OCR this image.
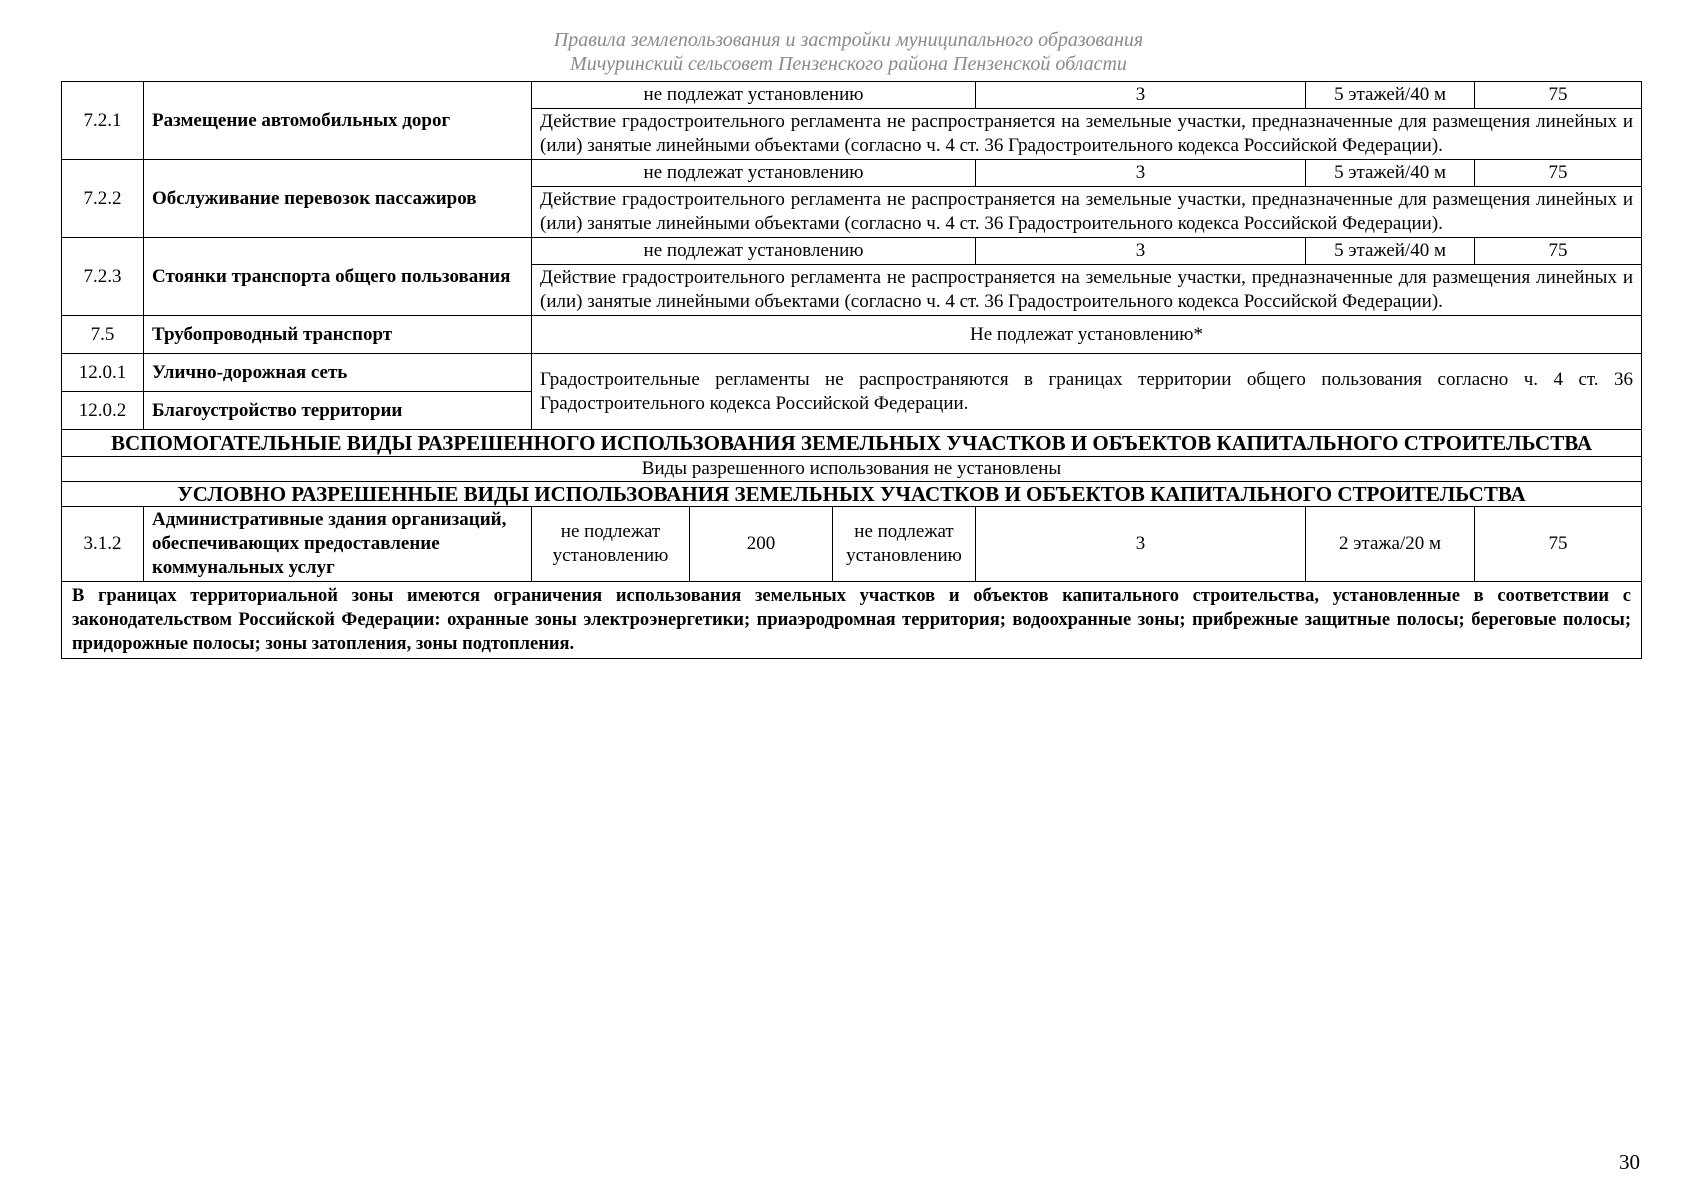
Правила землепользования и застройки муниципального образования
Мичуринский сельсовет Пензенского района Пензенской области
7.2.1	Размещение автомобильных дорог	не подлежат установлению			3	5 этажей/40 м	75
		Действие градостроительного регламента не распространяется на земельные участки, предназначенные для размещения линейных и (или) занятые линейными объектами (согласно ч. 4 ст. 36 Градостроительного кодекса Российской Федерации).					
7.2.2	Обслуживание перевозок пассажиров	не подлежат установлению			3	5 этажей/40 м	75
		Действие градостроительного регламента не распространяется на земельные участки, предназначенные для размещения линейных и (или) занятые линейными объектами (согласно ч. 4 ст. 36 Градостроительного кодекса Российской Федерации).					
7.2.3	Стоянки транспорта общего пользования	не подлежат установлению			3	5 этажей/40 м	75
		Действие градостроительного регламента не распространяется на земельные участки, предназначенные для размещения линейных и (или) занятые линейными объектами (согласно ч. 4 ст. 36 Градостроительного кодекса Российской Федерации).					
7.5	Трубопроводный транспорт	Не подлежат установлению*					
12.0.1	Улично-дорожная сеть	Градостроительные регламенты не распространяются в границах территории общего пользования согласно ч. 4 ст. 36 Градостроительного кодекса Российской Федерации.					
12.0.2	Благоустройство территории						
ВСПОМОГАТЕЛЬНЫЕ ВИДЫ РАЗРЕШЕННОГО ИСПОЛЬЗОВАНИЯ ЗЕМЕЛЬНЫХ УЧАСТКОВ И ОБЪЕКТОВ КАПИТАЛЬНОГО СТРОИТЕЛЬСТВА							
Виды разрешенного использования не установлены							
УСЛОВНО РАЗРЕШЕННЫЕ ВИДЫ ИСПОЛЬЗОВАНИЯ ЗЕМЕЛЬНЫХ УЧАСТКОВ И ОБЪЕКТОВ КАПИТАЛЬНОГО СТРОИТЕЛЬСТВА							
3.1.2	Административные здания организаций, обеспечивающих предоставление коммунальных услуг	не подлежат установлению	200	не подлежат установлению	3	2 этажа/20 м	75
В границах территориальной зоны имеются ограничения использования земельных участков и объектов капитального строительства, установленные в соответствии с законодательством Российской Федерации: охранные зоны электроэнергетики; приаэродромная территория; водоохранные зоны; прибрежные защитные полосы; береговые полосы; придорожные полосы; зоны затопления, зоны подтопления.							
30
